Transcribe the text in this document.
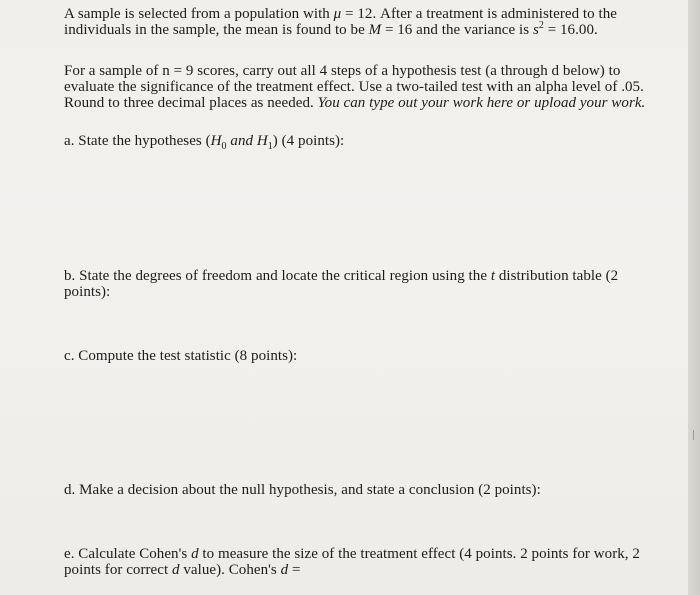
A sample is selected from a population with μ = 12. After a treatment is administered to the
individuals in the sample, the mean is found to be M = 16 and the variance is $s^2 = 16.00$.
For a sample of n = 9 scores, carry out all 4 steps of a hypothesis test (a through d below) to
evaluate the significance of the treatment effect. Use a two-tailed test with an alpha level of .05.
Round to three decimal places as needed. You can type out your work here or upload your work.
a. State the hypotheses ($H_0$ and $H_1$) (4 points):
b. State the degrees of freedom and locate the critical region using the t distribution table (2
points):
c. Compute the test statistic (8 points):
d. Make a decision about the null hypothesis, and state a conclusion (2 points):
e. Calculate Cohen's d to measure the size of the treatment effect (4 points. 2 points for work, 2
points for correct d value). Cohen's d =
